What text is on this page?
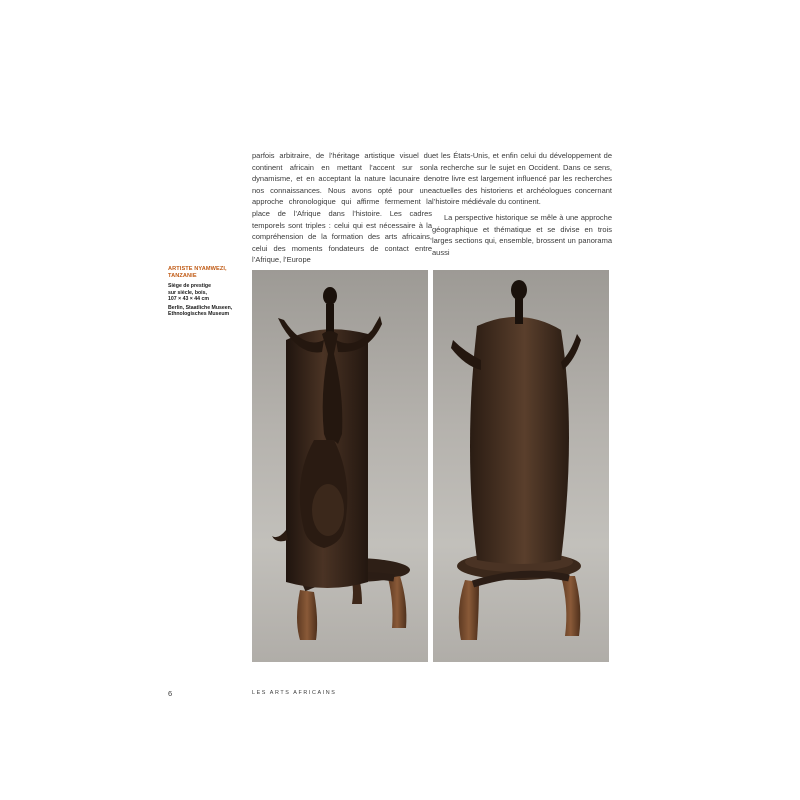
parfois arbitraire, de l’héritage artistique visuel du continent africain en mettant l’accent sur son dynamisme, et en acceptant la nature lacunaire de nos connaissances. Nous avons opté pour une approche chronologique qui affirme fermement la place de l’Afrique dans l’histoire. Les cadres temporels sont triples : celui qui est nécessaire à la compréhension de la formation des arts africains, celui des moments fondateurs de contact entre l’Afrique, l’Europe

et les États-Unis, et enfin celui du développement de la recherche sur le sujet en Occident. Dans ce sens, notre livre est largement influencé par les recherches actuelles des historiens et archéologues concernant l’histoire médiévale du continent.

La perspective historique se mêle à une approche géographique et thématique et se divise en trois larges sections qui, ensemble, brossent un panorama aussi

ARTISTE NYAMWEZI, TANZANIE
Siège de prestige
sur siècle, bois,
107 × 43 × 44 cm
Berlin, Staatliche Museen, Ethnologisches Museum
6	LES ARTS AFRICAINS
